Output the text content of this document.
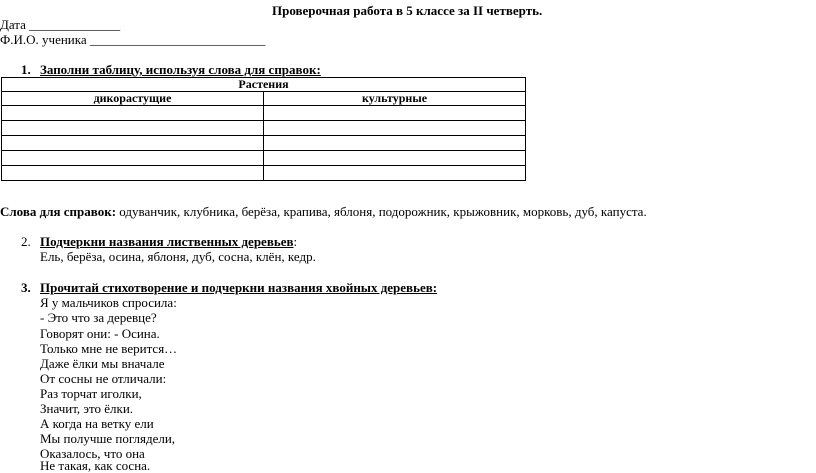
Проверочная работа в 5 классе за II четверть.
Дата ______________
Ф.И.О. ученика ___________________________
1. Заполни таблицу, используя слова для справок:
Растения	
дикорастущие	культурные

Слова для справок: одуванчик, клубника, берёза, крапива, яблоня, подорожник, крыжовник, морковь, дуб, капуста.
2. Подчеркни названия лиственных деревьев:
Ель, берёза, осина, яблоня, дуб, сосна, клён, кедр.
3. Прочитай стихотворение и подчеркни названия хвойных деревьев:
Я у мальчиков спросила:
- Это что за деревце?
Говорят они: - Осина.
Только мне не верится…
Даже ёлки мы вначале
От сосны не отличали:
Раз торчат иголки,
Значит, это ёлки.
А когда на ветку ели
Мы получше поглядели,
Оказалось, что она
Не такая, как сосна.
